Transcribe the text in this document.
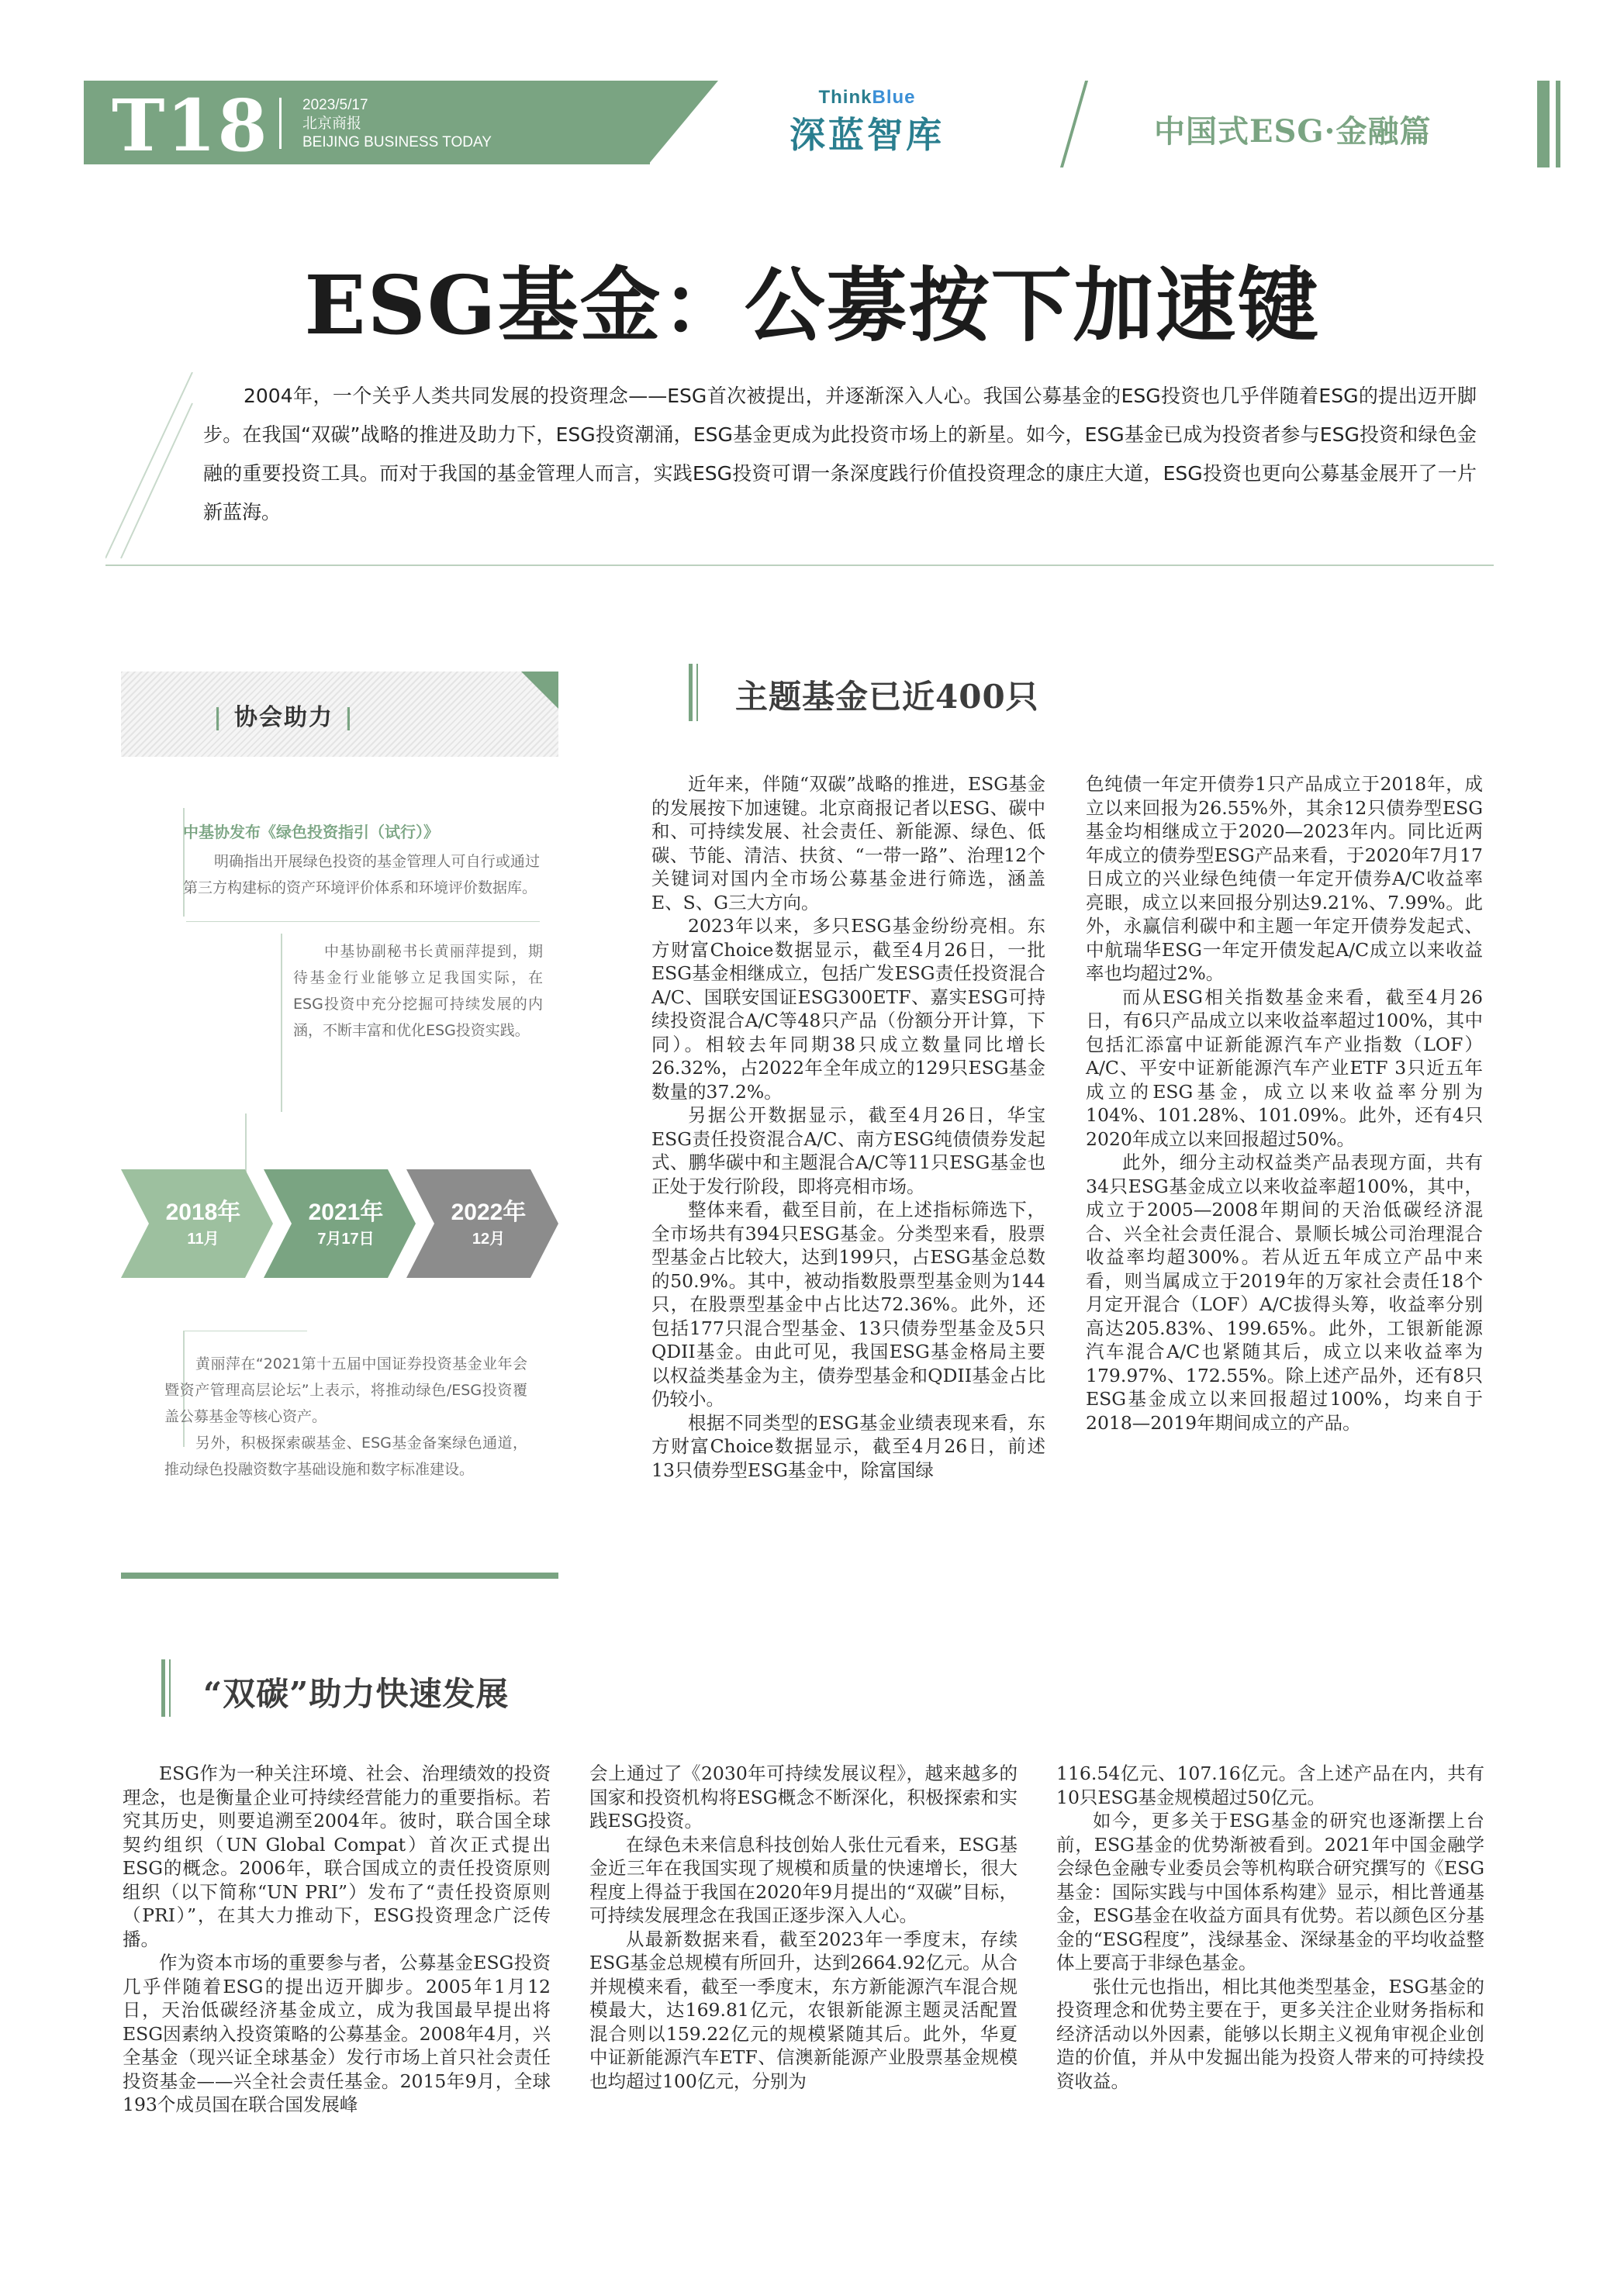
T18 2023/5/17
北京商报
BEIJING BUSINESS TODAY
ThinkBlue
深蓝智库	中国式ESG·金融篇
ESG基金：公募按下加速键

2004年，一个关乎人类共同发展的投资理念——ESG首次被提出，并逐渐深入人心。我国公募基金的ESG投资也几乎伴随着ESG的提出迈开脚步。在我国“双碳”战略的推进及助力下，ESG投资潮涌，ESG基金更成为此投资市场上的新星。如今，ESG基金已成为投资者参与ESG投资和绿色金融的重要投资工具。而对于我国的基金管理人而言，实践ESG投资可谓一条深度践行价值投资理念的康庄大道，ESG投资也更向公募基金展开了一片新蓝海。

| 协会助力 |
中基协发布《绿色投资指引（试行）》

明确指出开展绿色投资的基金管理人可自行或通过第三方构建标的资产环境评价体系和环境评价数据库。

中基协副秘书长黄丽萍提到，期待基金行业能够立足我国实际，在ESG投资中充分挖掘可持续发展的内涵，不断丰富和优化ESG投资实践。

2018年
11月
2021年
7月17日
2022年
12月

黄丽萍在“2021第十五届中国证券投资基金业年会暨资产管理高层论坛”上表示，将推动绿色/ESG投资覆盖公募基金等核心资产。

另外，积极探索碳基金、ESG基金备案绿色通道，推动绿色投融资数字基础设施和数字标准建设。

主题基金已近400只

近年来，伴随“双碳”战略的推进，ESG基金的发展按下加速键。北京商报记者以ESG、碳中和、可持续发展、社会责任、新能源、绿色、低碳、节能、清洁、扶贫、“一带一路”、治理12个关键词对国内全市场公募基金进行筛选，涵盖E、S、G三大方向。

2023年以来，多只ESG基金纷纷亮相。东方财富Choice数据显示，截至4月26日，一批ESG基金相继成立，包括广发ESG责任投资混合A/C、国联安国证ESG300ETF、嘉实ESG可持续投资混合A/C等48只产品（份额分开计算，下同）。相较去年同期38只成立数量同比增长26.32%，占2022年全年成立的129只ESG基金数量的37.2%。

另据公开数据显示，截至4月26日，华宝ESG责任投资混合A/C、南方ESG纯债债券发起式、鹏华碳中和主题混合A/C等11只ESG基金也正处于发行阶段，即将亮相市场。

整体来看，截至目前，在上述指标筛选下，全市场共有394只ESG基金。分类型来看，股票型基金占比较大，达到199只，占ESG基金总数的50.9%。其中，被动指数股票型基金则为144只，在股票型基金中占比达72.36%。此外，还包括177只混合型基金、13只债券型基金及5只QDII基金。由此可见，我国ESG基金格局主要以权益类基金为主，债券型基金和QDII基金占比仍较小。

根据不同类型的ESG基金业绩表现来看，东方财富Choice数据显示，截至4月26日，前述13只债券型ESG基金中，除富国绿

色纯债一年定开债券1只产品成立于2018年，成立以来回报为26.55%外，其余12只债券型ESG基金均相继成立于2020—2023年内。同比近两年成立的债券型ESG产品来看，于2020年7月17日成立的兴业绿色纯债一年定开债券A/C收益率亮眼，成立以来回报分别达9.21%、7.99%。此外，永赢信利碳中和主题一年定开债券发起式、中航瑞华ESG一年定开债发起A/C成立以来收益率也均超过2%。

而从ESG相关指数基金来看，截至4月26日，有6只产品成立以来收益率超过100%，其中包括汇添富中证新能源汽车产业指数（LOF）A/C、平安中证新能源汽车产业ETF 3只近五年成立的ESG基金，成立以来收益率分别为104%、101.28%、101.09%。此外，还有4只2020年成立以来回报超过50%。

此外，细分主动权益类产品表现方面，共有34只ESG基金成立以来收益率超100%，其中，成立于2005—2008年期间的天治低碳经济混合、兴全社会责任混合、景顺长城公司治理混合收益率均超300%。若从近五年成立产品中来看，则当属成立于2019年的万家社会责任18个月定开混合（LOF）A/C拔得头筹，收益率分别高达205.83%、199.65%。此外，工银新能源汽车混合A/C也紧随其后，成立以来收益率为179.97%、172.55%。除上述产品外，还有8只ESG基金成立以来回报超过100%，均来自于2018—2019年期间成立的产品。

“双碳”助力快速发展

ESG作为一种关注环境、社会、治理绩效的投资理念，也是衡量企业可持续经营能力的重要指标。若究其历史，则要追溯至2004年。彼时，联合国全球契约组织（UN Global Compat）首次正式提出ESG的概念。2006年，联合国成立的责任投资原则组织（以下简称“UN PRI”）发布了“责任投资原则（PRI）”，在其大力推动下，ESG投资理念广泛传播。

作为资本市场的重要参与者，公募基金ESG投资几乎伴随着ESG的提出迈开脚步。2005年1月12日，天治低碳经济基金成立，成为我国最早提出将ESG因素纳入投资策略的公募基金。2008年4月，兴全基金（现兴证全球基金）发行市场上首只社会责任投资基金——兴全社会责任基金。2015年9月，全球193个成员国在联合国发展峰

会上通过了《2030年可持续发展议程》，越来越多的国家和投资机构将ESG概念不断深化，积极探索和实践ESG投资。

在绿色未来信息科技创始人张仕元看来，ESG基金近三年在我国实现了规模和质量的快速增长，很大程度上得益于我国在2020年9月提出的“双碳”目标，可持续发展理念在我国正逐步深入人心。

从最新数据来看，截至2023年一季度末，存续ESG基金总规模有所回升，达到2664.92亿元。从合并规模来看，截至一季度末，东方新能源汽车混合规模最大，达169.81亿元，农银新能源主题灵活配置混合则以159.22亿元的规模紧随其后。此外，华夏中证新能源汽车ETF、信澳新能源产业股票基金规模也均超过100亿元，分别为

116.54亿元、107.16亿元。含上述产品在内，共有10只ESG基金规模超过50亿元。

如今，更多关于ESG基金的研究也逐渐摆上台前，ESG基金的优势渐被看到。2021年中国金融学会绿色金融专业委员会等机构联合研究撰写的《ESG基金：国际实践与中国体系构建》显示，相比普通基金，ESG基金在收益方面具有优势。若以颜色区分基金的“ESG程度”，浅绿基金、深绿基金的平均收益整体上要高于非绿色基金。

张仕元也指出，相比其他类型基金，ESG基金的投资理念和优势主要在于，更多关注企业财务指标和经济活动以外因素，能够以长期主义视角审视企业创造的价值，并从中发掘出能为投资人带来的可持续投资收益。
